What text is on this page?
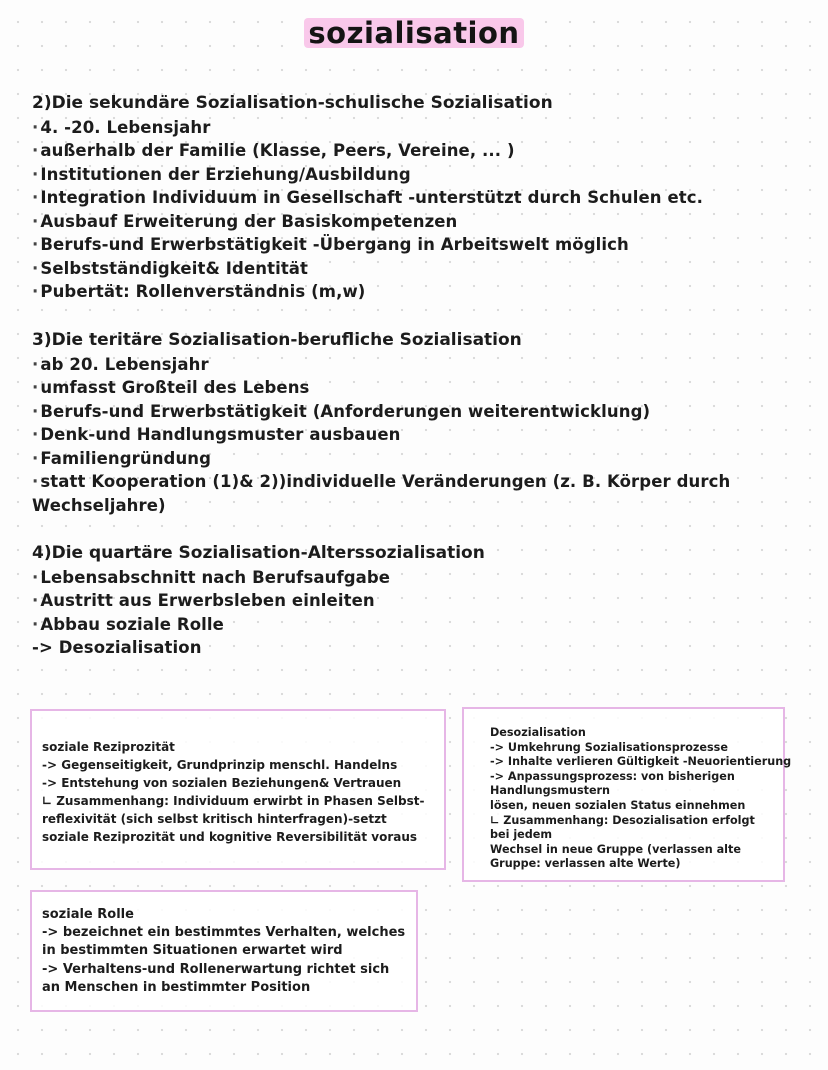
sozialisation
2)Die sekundäre Sozialisation-schulische Sozialisation
· 4. -20. Lebensjahr
· außerhalb der Familie (Klasse, Peers, Vereine, ... )
· Institutionen der Erziehung/Ausbildung
· Integration Individuum in Gesellschaft -unterstützt durch Schulen etc.
· Ausbauf Erweiterung der Basiskompetenzen
· Berufs-und Erwerbstätigkeit -Übergang in Arbeitswelt möglich
· Selbstständigkeit& Identität
· Pubertät: Rollenverständnis (m,w)
3)Die teritäre Sozialisation-berufliche Sozialisation
· ab 20. Lebensjahr
· umfasst Großteil des Lebens
· Berufs-und Erwerbstätigkeit (Anforderungen weiterentwicklung)
· Denk-und Handlungsmuster ausbauen
· Familiengründung
· statt Kooperation (1)& 2))individuelle Veränderungen (z. B. Körper durch Wechseljahre)
4)Die quartäre Sozialisation-Alterssozialisation
· Lebensabschnitt nach Berufsaufgabe
· Austritt aus Erwerbsleben einleiten
· Abbau soziale Rolle
-> Desozialisation
soziale Reziprozität
-> Gegenseitigkeit, Grundprinzip menschl. Handelns
-> Entstehung von sozialen Beziehungen& Vertrauen
∟ Zusammenhang: Individuum erwirbt in Phasen Selbst-
reflexivität (sich selbst kritisch hinterfragen)-setzt
soziale Reziprozität und kognitive Reversibilität voraus
Desozialisation
-> Umkehrung Sozialisationsprozesse
-> Inhalte verlieren Gültigkeit -Neuorientierung
-> Anpassungsprozess: von bisherigen Handlungsmustern
lösen, neuen sozialen Status einnehmen
∟ Zusammenhang: Desozialisation erfolgt bei jedem
Wechsel in neue Gruppe (verlassen alte Gruppe: verlassen alte Werte)
soziale Rolle
-> bezeichnet ein bestimmtes Verhalten, welches
in bestimmten Situationen erwartet wird
-> Verhaltens-und Rollenerwartung richtet sich
an Menschen in bestimmter Position
